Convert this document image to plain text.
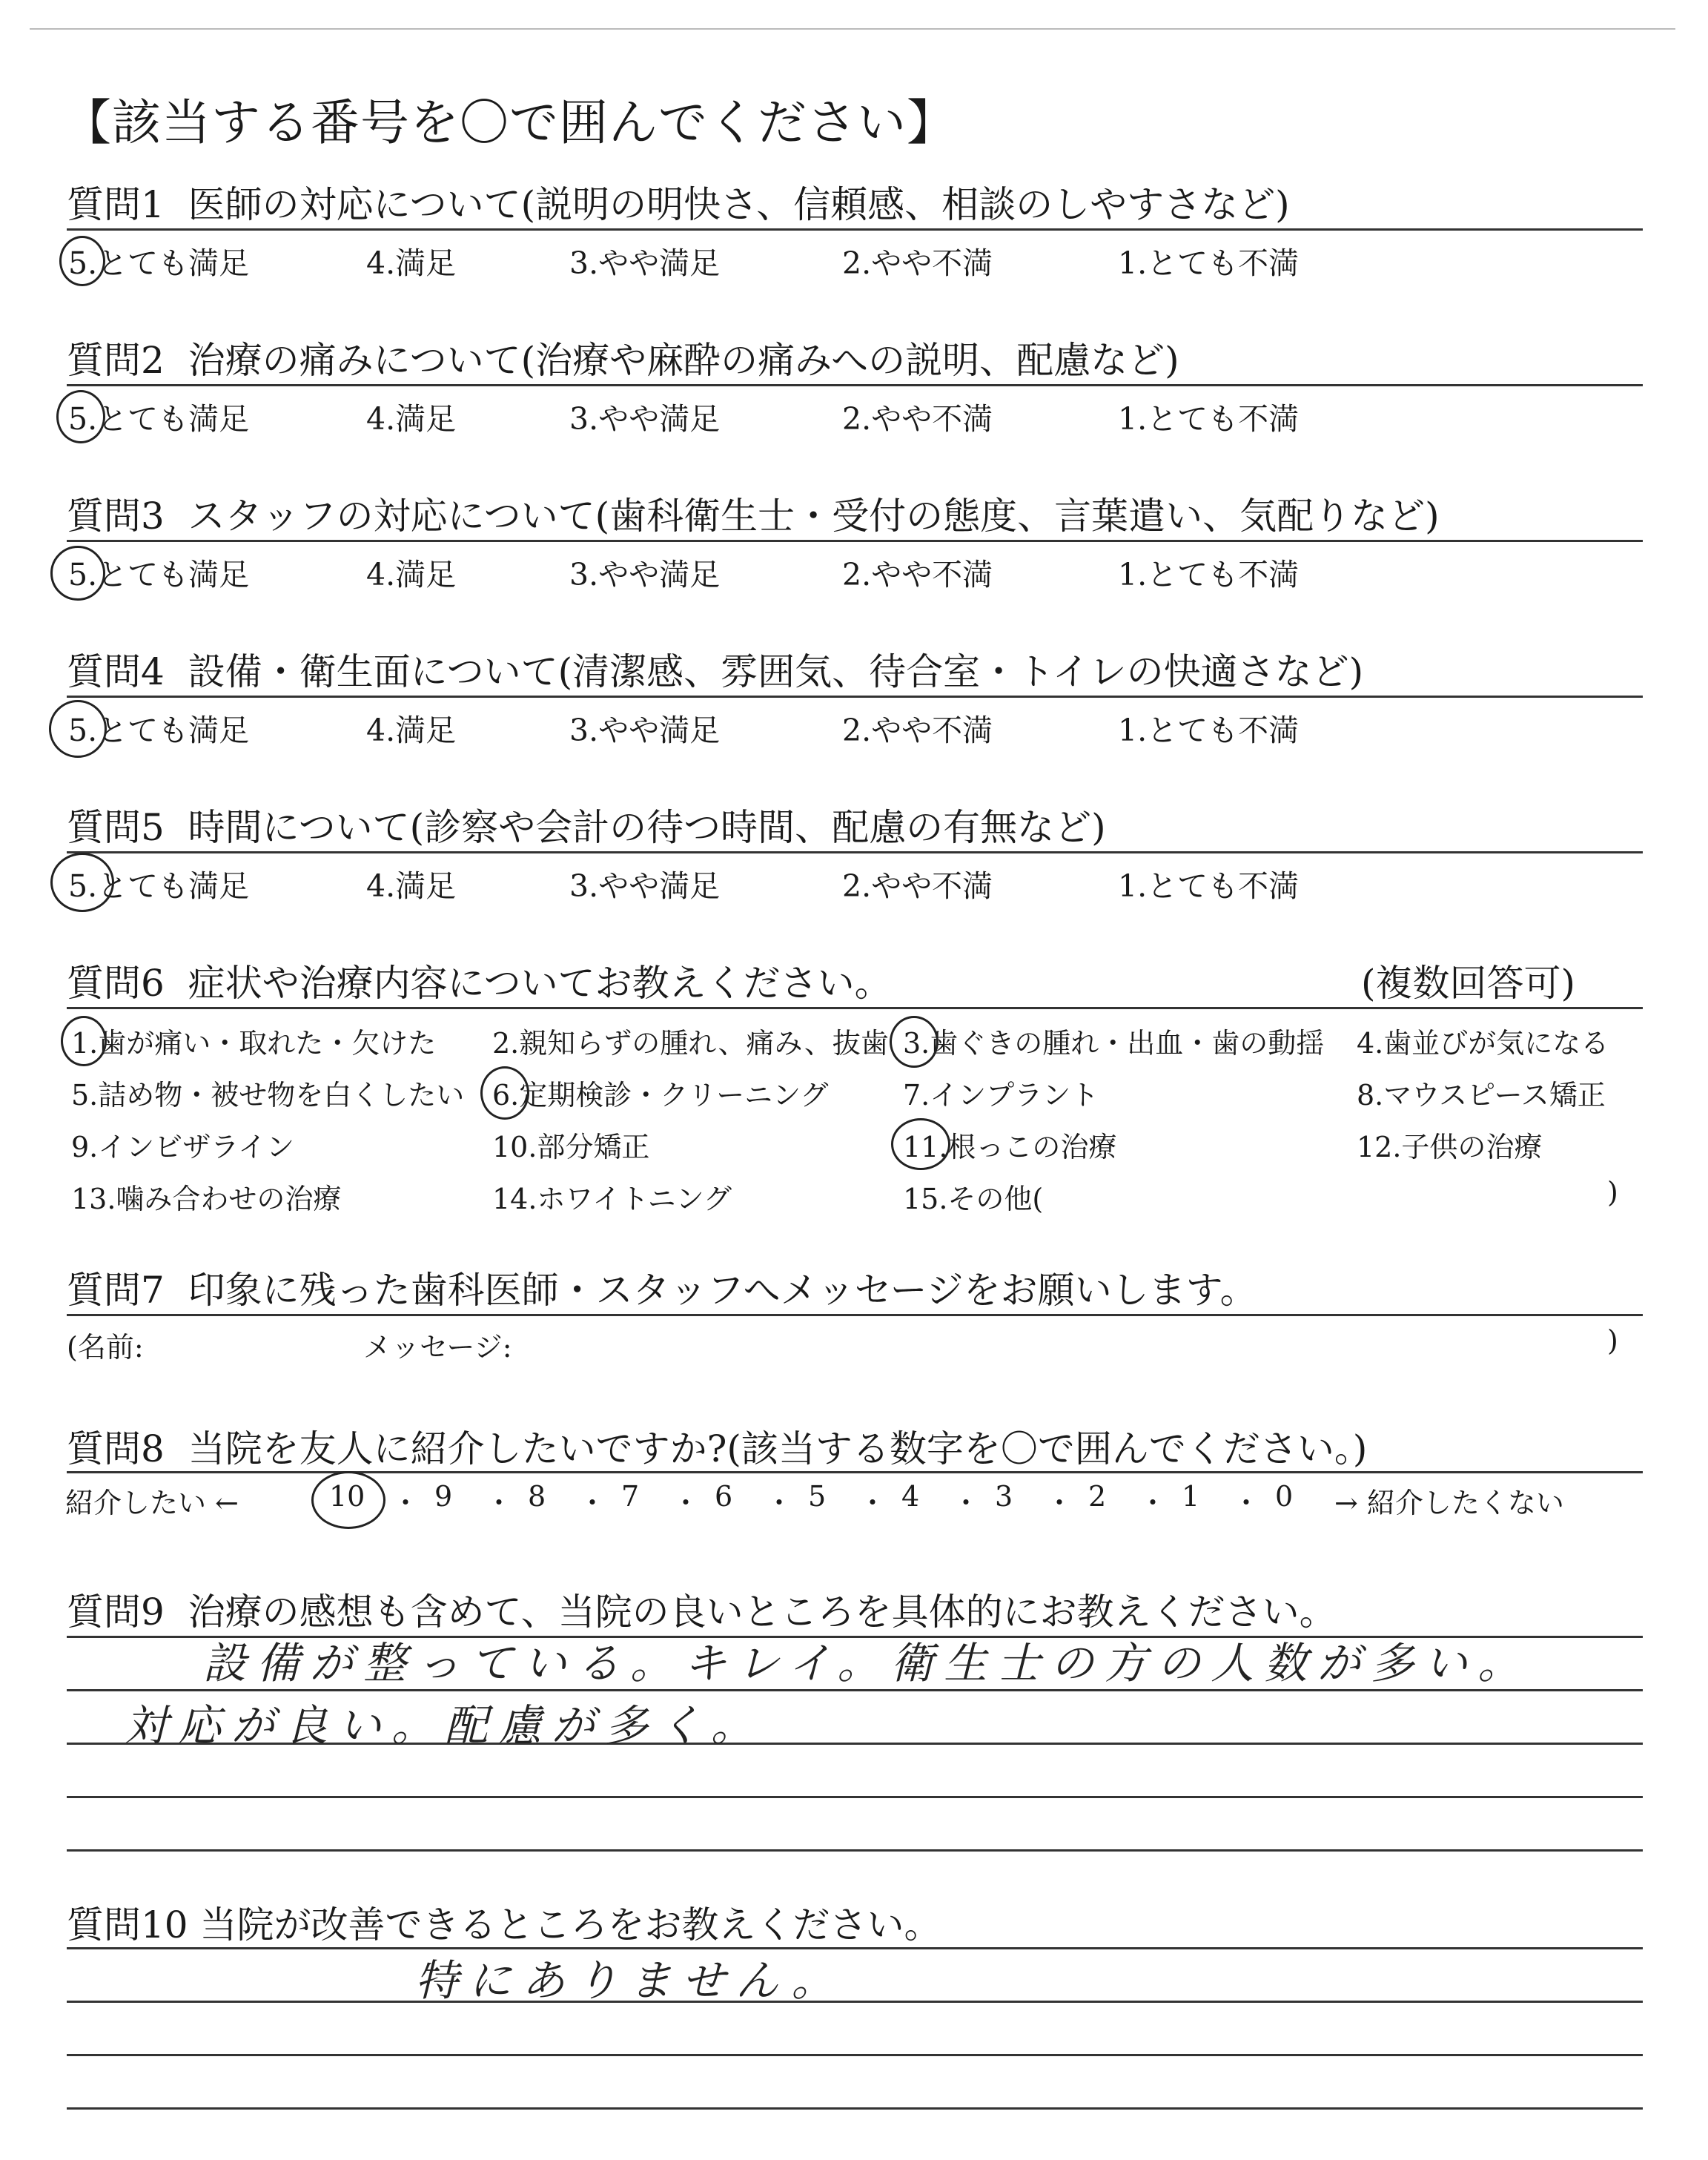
【該当する番号を〇で囲んでください】
質問1 医師の対応について(説明の明快さ、信頼感、相談のしやすさなど)
5.とても満足	4.満足	3.やや満足	2.やや不満	1.とても不満
質問2 治療の痛みについて(治療や麻酔の痛みへの説明、配慮など)
5.とても満足	4.満足	3.やや満足	2.やや不満	1.とても不満
質問3 スタッフの対応について(歯科衛生士・受付の態度、言葉遣い、気配りなど)
5.とても満足	4.満足	3.やや満足	2.やや不満	1.とても不満
質問4 設備・衛生面について(清潔感、雰囲気、待合室・トイレの快適さなど)
5.とても満足	4.満足	3.やや満足	2.やや不満	1.とても不満
質問5 時間について(診察や会計の待つ時間、配慮の有無など)
5.とても満足	4.満足	3.やや満足	2.やや不満	1.とても不満
質問6 症状や治療内容についてお教えください。	(複数回答可)
1.歯が痛い・取れた・欠けた 2.親知らずの腫れ、痛み、抜歯 3.歯ぐきの腫れ・出血・歯の動揺 4.歯並びが気になる
5.詰め物・被せ物を白くしたい 6.定期検診・クリーニング	7.インプラント	8.マウスピース矯正
9.インビザライン	10.部分矯正	11.根っこの治療	12.子供の治療
13.噛み合わせの治療	14.ホワイトニング	15.その他(	)
質問7 印象に残った歯科医師・スタッフへメッセージをお願いします。
(名前:	メッセージ:	)
質問8 当院を友人に紹介したいですか?(該当する数字を〇で囲んでください。)
紹介したい ←	10 9	8	7	6	5	4	3	2	1	0
・ ・ ・ ・ ・ ・ ・ ・ ・ ・	→ 紹介したくない
質問9 治療の感想も含めて、当院の良いところを具体的にお教えください。
設備が整っている。キレイ。衛生士の方の人数が多い。
対応が良い。配慮が多く。
質問10 当院が改善できるところをお教えください。
特にありません。
